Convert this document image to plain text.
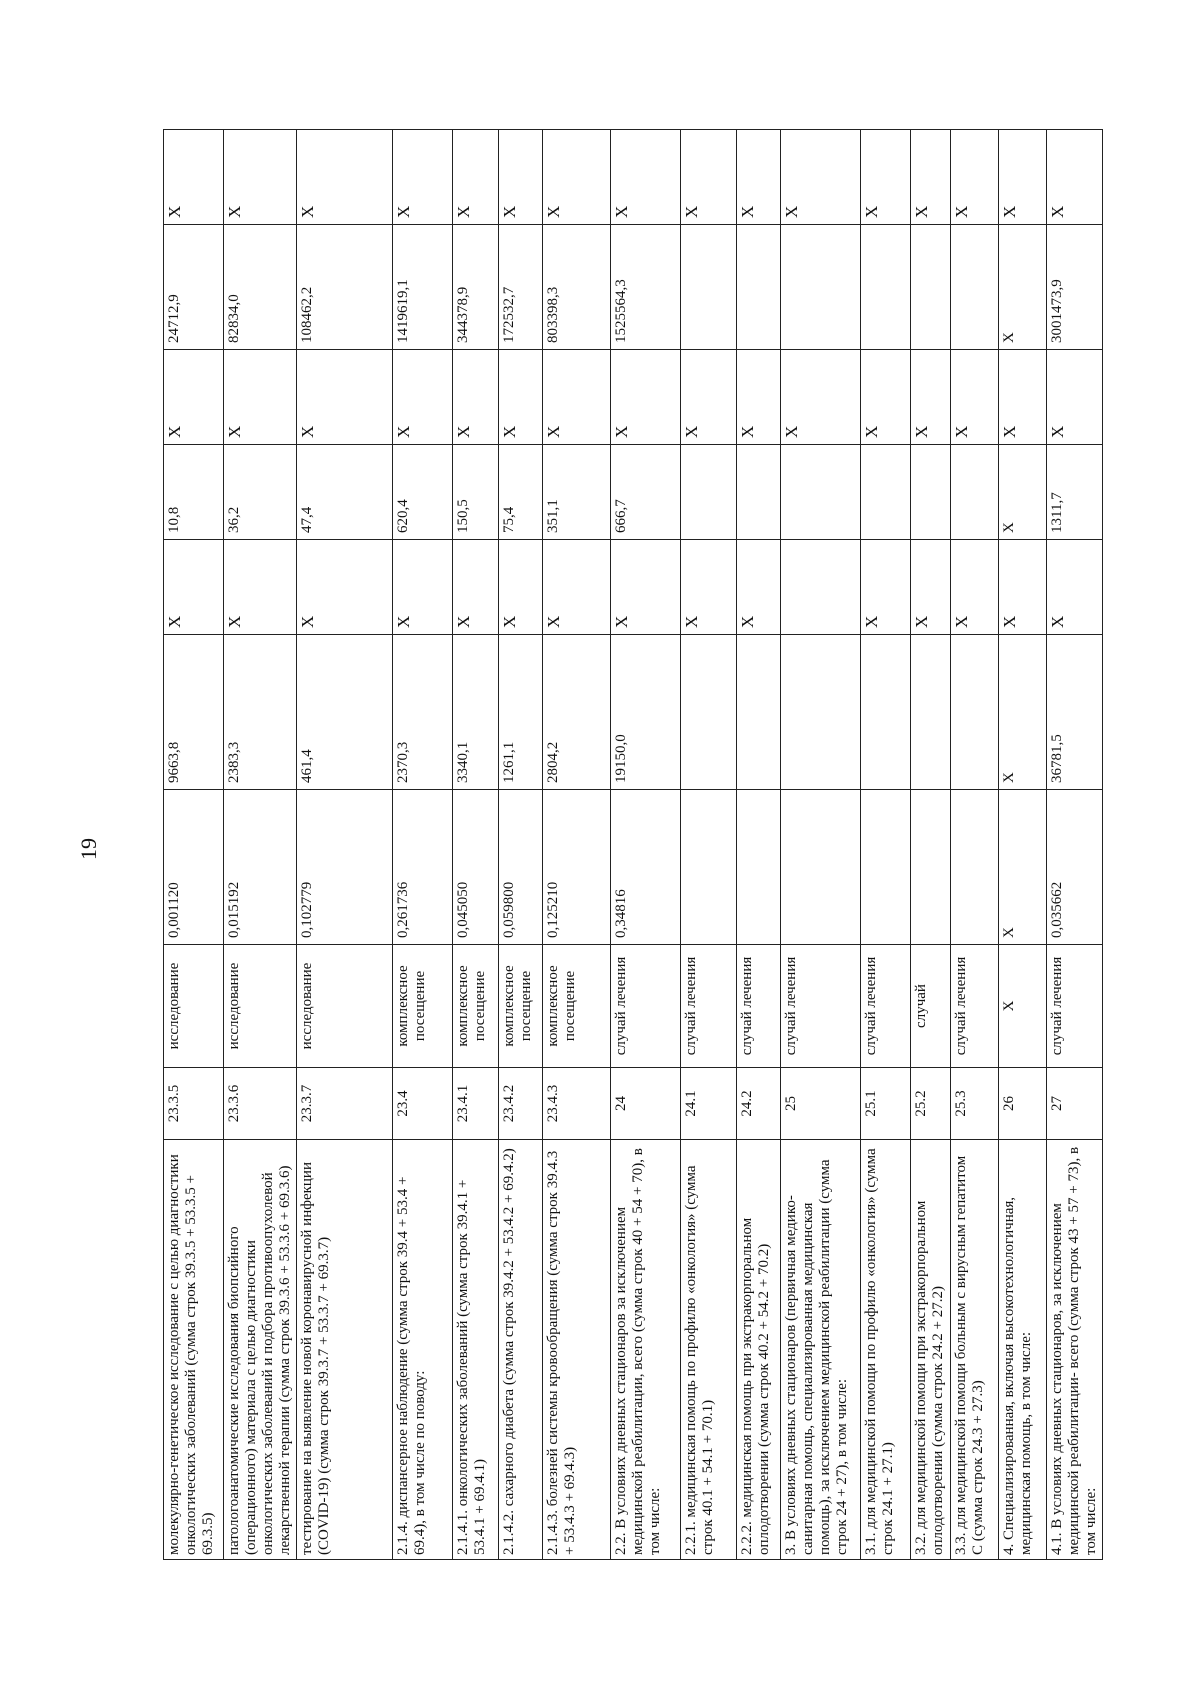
19
молекулярно-генетическое исследование с целью диагностики онкологических заболеваний (сумма строк 39.3.5 + 53.3.5 + 69.3.5)	23.3.5	исследование	0,001120	9663,8	X	10,8	X	24712,9	X
патологоанатомические исследования биопсийного (операционного) материала с целью диагностики онкологических заболеваний и подбора противоопухолевой лекарственной терапии (сумма строк 39.3.6 + 53.3.6 + 69.3.6)	23.3.6	исследование	0,015192	2383,3	X	36,2	X	82834,0	X
тестирование на выявление новой коронавирусной инфекции (COVID-19) (сумма строк 39.3.7 + 53.3.7 + 69.3.7)	23.3.7	исследование	0,102779	461,4	X	47,4	X	108462,2	X
2.1.4. диспансерное наблюдение (сумма строк 39.4 + 53.4 + 69.4), в том числе по поводу:	23.4	комплексное посещение	0,261736	2370,3	X	620,4	X	1419619,1	X
2.1.4.1. онкологических заболеваний (сумма строк 39.4.1 + 53.4.1 + 69.4.1)	23.4.1	комплексное посещение	0,045050	3340,1	X	150,5	X	344378,9	X
2.1.4.2. сахарного диабета (сумма строк 39.4.2 + 53.4.2 + 69.4.2)	23.4.2	комплексное посещение	0,059800	1261,1	X	75,4	X	172532,7	X
2.1.4.3. болезней системы кровообращения (сумма строк 39.4.3 + 53.4.3 + 69.4.3)	23.4.3	комплексное посещение	0,125210	2804,2	X	351,1	X	803398,3	X
2.2. В условиях дневных стационаров за исключением медицинской реабилитации, всего (сумма строк 40 + 54 + 70), в том числе:	24	случай лечения	0,34816	19150,0	X	666,7	X	1525564,3	X
2.2.1. медицинская помощь по профилю «онкология» (сумма строк 40.1 + 54.1 + 70.1)	24.1	случай лечения			X		X		X
2.2.2. медицинская помощь при экстракорпоральном оплодотворении (сумма строк 40.2 + 54.2 + 70.2)	24.2	случай лечения			X		X		X
3. В условиях дневных стационаров (первичная медико-санитарная помощь, специализированная медицинская помощь), за исключением медицинской реабилитации (сумма строк 24 + 27), в том числе:	25	случай лечения					X		X
3.1. для медицинской помощи по профилю «онкология» (сумма строк 24.1 + 27.1)	25.1	случай лечения			X		X		X
3.2. для медицинской помощи при экстракорпоральном оплодотворении (сумма строк 24.2 + 27.2)	25.2	случай			X		X		X
3.3. для медицинской помощи больным с вирусным гепатитом С (сумма строк 24.3 + 27.3)	25.3	случай лечения			X		X		X
4. Специализированная, включая высокотехнологичная, медицинская помощь, в том числе:	26	X	X	X	X	X	X	X	X
4.1. В условиях дневных стационаров, за исключением медицинской реабилитации- всего (сумма строк 43 + 57 + 73), в том числе:	27	случай лечения	0,035662	36781,5	X	1311,7	X	3001473,9	X
